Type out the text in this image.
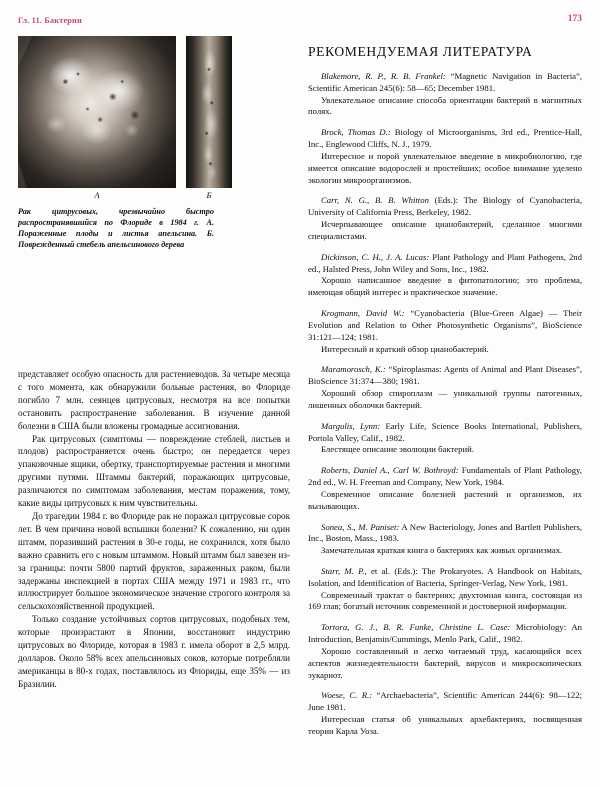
Гл. 11. Бактерии	173
А	Б
Рак цитрусовых, чрезвычайно быстро распространявшийся по Флориде в 1984 г. А. Пораженные плоды и листья апельсина. Б. Поврежденный стебель апельсинового дерева

представляет особую опасность для растениеводов. За четыре месяца с того момента, как обнаружили больные растения, во Флориде погибло 7 млн. сеянцев цитрусовых, несмотря на все попытки остановить распространение заболевания. В изучение данной болезни в США были вложены громадные ассигнования.

Рак цитрусовых (симптомы — повреждение стеблей, листьев и плодов) распространяется очень быстро; он передается через упаковочные ящики, обертку, транспортируемые растения и многими другими путями. Штаммы бактерий, поражающих цитрусовые, различаются по симптомам заболевания, местам поражения, тому, какие виды цитрусовых к ним чувствительны.

До трагедии 1984 г. во Флориде рак не поражал цитрусовые сорок лет. В чем причина новой вспышки болезни? К сожалению, ни один штамм, поразивший растения в 30-е годы, не сохранился, хотя было важно сравнить его с новым штаммом. Новый штамм был завезен из-за границы: почти 5800 партий фруктов, зараженных раком, были задержаны инспекцией в портах США между 1971 и 1983 гг., что иллюстрирует большое экономическое значение строгого контроля за сельскохозяйственной продукцией.

Только создание устойчивых сортов цитрусовых, подобных тем, которые произрастают в Японии, восстановит индустрию цитрусовых во Флориде, которая в 1983 г. имела оборот в 2,5 млрд. долларов. Около 58% всех апельсиновых соков, которые потребляли американцы в 80-х годах, поставлялось из Флориды, еще 35% — из Бразилии.

РЕКОМЕНДУЕМАЯ ЛИТЕРАТУРА
Blakemore, R. P., R. B. Frankel: “Magnetic Navigation in Bacteria”, Scientific American 245(6): 58—65; December 1981.
Увлекательное описание способа ориентации бактерий в магнитных полях.
Brock, Thomas D.: Biology of Microorganisms, 3rd ed., Prentice-Hall, Inc., Englewood Cliffs, N. J., 1979.
Интересное и порой увлекательное введение в микробиологию, где имеется описание водорослей и простейших; особое внимание уделено экологии микроорганизмов.
Carr, N. G., B. B. Whitton (Eds.): The Biology of Cyanobacteria, University of California Press, Berkeley, 1982.
Исчерпывающее описание цианобактерий, сделанное многими специалистами.
Dickinson, C. H., J. A. Lucas: Plant Pathology and Plant Pathogens, 2nd ed., Halsted Press, John Wiley and Sons, Inc., 1982.
Хорошо написанное введение в фитопатологию; это проблема, имеющая общий интерес и практическое значение.
Krogmann, David W.: “Cyanobacteria (Blue-Green Algae) — Their Evolution and Relation to Other Photosynthetic Organisms”, BioScience 31:121—124; 1981.
Интересный и краткий обзор цианобактерий.
Maramorosch, K.: “Spiroplasmas: Agents of Animal and Plant Diseases”, BioScience 31:374—380; 1981.
Хороший обзор спироплазм — уникальной группы патогенных, лишенных оболочки бактерий.
Margulis, Lynn: Early Life, Science Books International, Publishers, Portola Valley, Calif., 1982.
Блестящее описание эволюции бактерий.
Roberts, Daniel A., Carl W. Bothroyd: Fundamentals of Plant Pathology, 2nd ed., W. H. Freeman and Company, New York, 1984.
Современное описание болезней растений и организмов, их вызывающих.
Sonea, S., M. Paniset: A New Bacteriology, Jones and Bartlett Publishers, Inc., Boston, Mass., 1983.
Замечательная краткая книга о бактериях как живых организмах.
Starr, M. P., et al. (Eds.): The Prokaryotes. A Handbook on Habitats, Isolation, and Identification of Bacteria, Springer-Verlag, New York, 1981.
Современный трактат о бактериях; двухтомная книга, состоящая из 169 глав; богатый источник современной и достоверной информации.
Tortora, G. J., B. R. Funke, Christine L. Case: Microbiology: An Introduction, Benjamin/Cummings, Menlo Park, Calif., 1982.
Хорошо составленный и легко читаемый труд, касающийся всех аспектов жизнедеятельности бактерий, вирусов и микроскопических эукариот.
Woese, C. R.: “Archaebacteria”, Scientific American 244(6): 98—122; June 1981.
Интересная статья об уникальных архебактериях, посвященная теории Карла Уоза.
